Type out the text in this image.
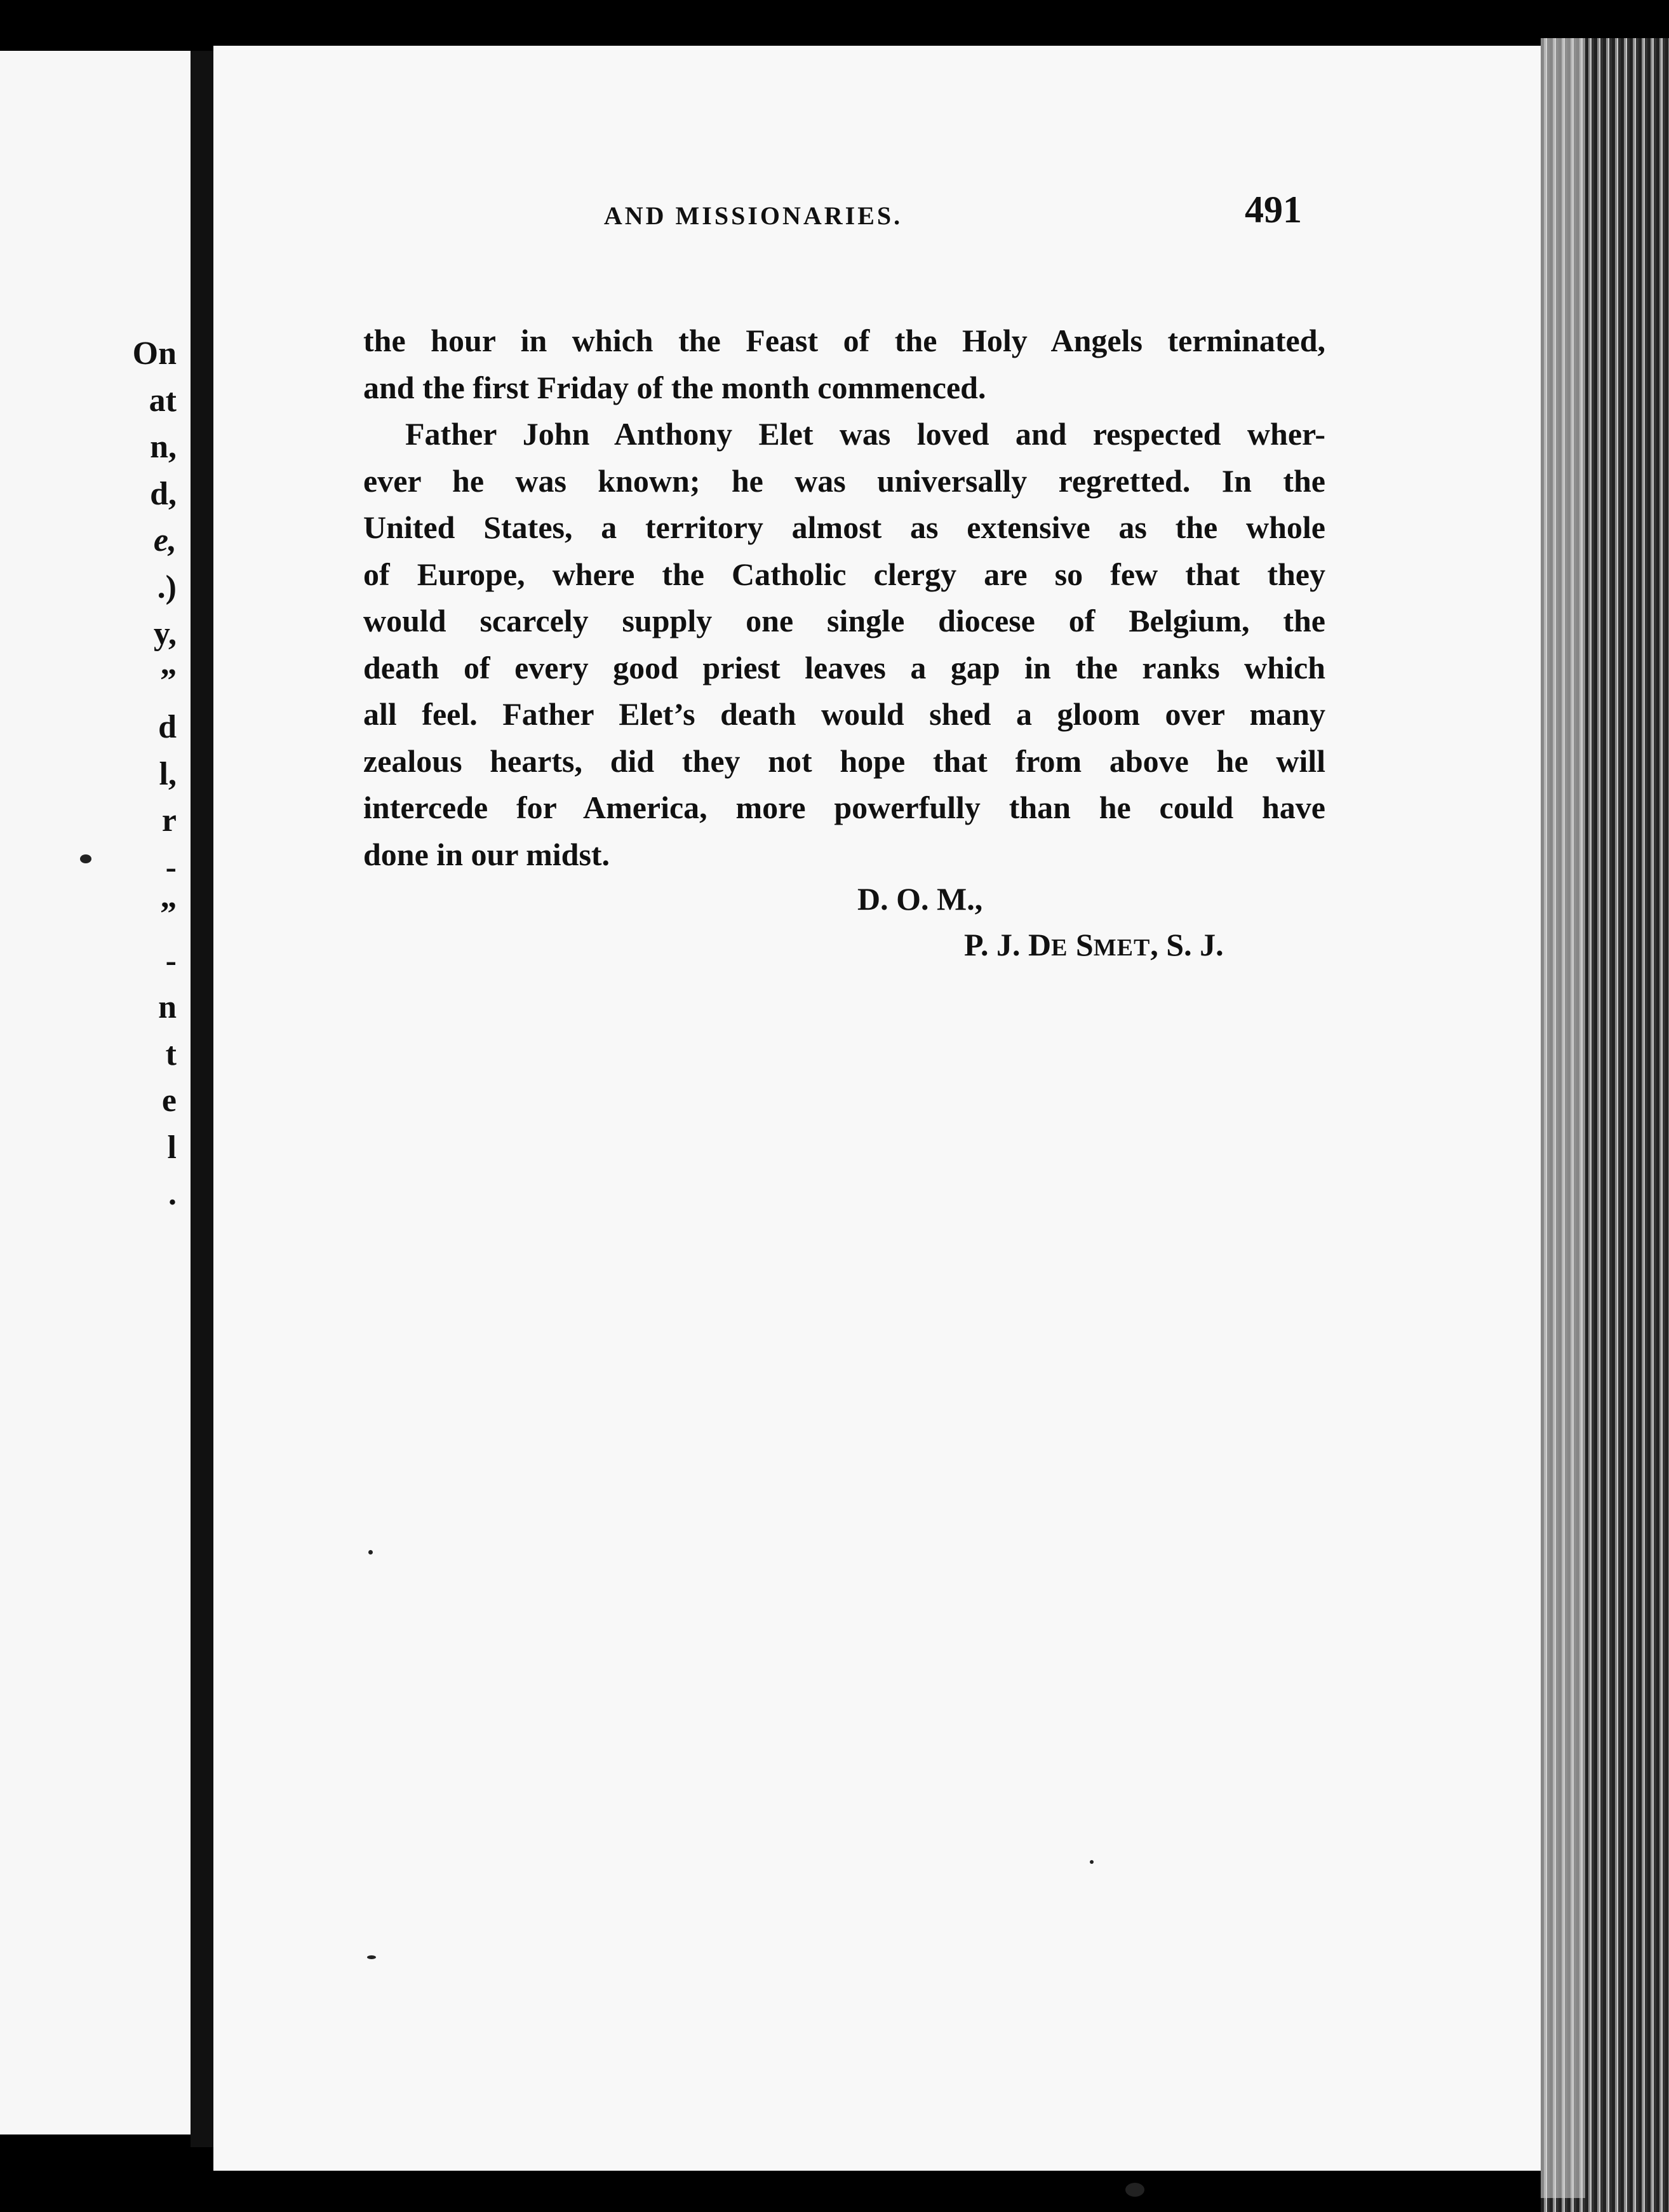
On
at
n,
d,
e,
.)
y,
”
d
l,
r
-
”
-
n
t
e
l
.
AND MISSIONARIES.	491
the hour in which the Feast of the Holy Angels terminated,
and the first Friday of the month commenced.
Father John Anthony Elet was loved and respected wher-
ever he was known; he was universally regretted. In the
United States, a territory almost as extensive as the whole
of Europe, where the Catholic clergy are so few that they
would scarcely supply one single diocese of Belgium, the
death of every good priest leaves a gap in the ranks which
all feel. Father Elet’s death would shed a gloom over many
zealous hearts, did they not hope that from above he will
intercede for America, more powerfully than he could have
done in our midst.
D. O. M.,
P. J. DE SMET, S. J.
